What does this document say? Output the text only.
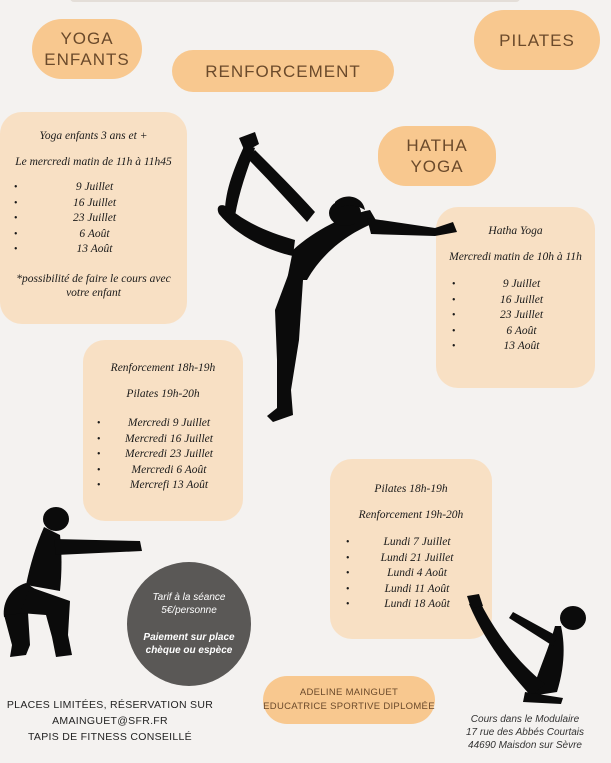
YOGA
ENFANTS
PILATES
RENFORCEMENT
HATHA
YOGA

Yoga enfants 3 ans et +

Le mercredi matin de 11h à 11h45

• 9 Juillet
• 16 Juillet
• 23 Juillet
• 6 Août
• 13 Août

*possibilité de faire le cours avec votre enfant

Hatha Yoga

Mercredi matin de 10h à 11h

• 9 Juillet
• 16 Juillet
• 23 Juillet
• 6 Août
• 13 Août

Renforcement 18h-19h

Pilates 19h-20h

• Mercredi 9 Juillet
• Mercredi 16 Juillet
• Mercredi 23 Juillet
• Mercredi 6 Août
• Mercrefi 13 Août	Pilates 18h-19h

Renforcement 19h-20h

• Lundi 7 Juillet
• Lundi 21 Juillet
• Lundi 4 Août
• Lundi 11 Août
• Lundi 18 Août
Tarif à la séance
5€/personne
Paiement sur place
chèque ou espèce
ADELINE MAINGUET
EDUCATRICE SPORTIVE DIPLOMÉE
PLACES LIMITÉES, RÉSERVATION SUR
AMAINGUET@SFR.FR
TAPIS DE FITNESS CONSEILLÉ
Cours dans le Modulaire
17 rue des Abbés Courtais
44690 Maisdon sur Sèvre
